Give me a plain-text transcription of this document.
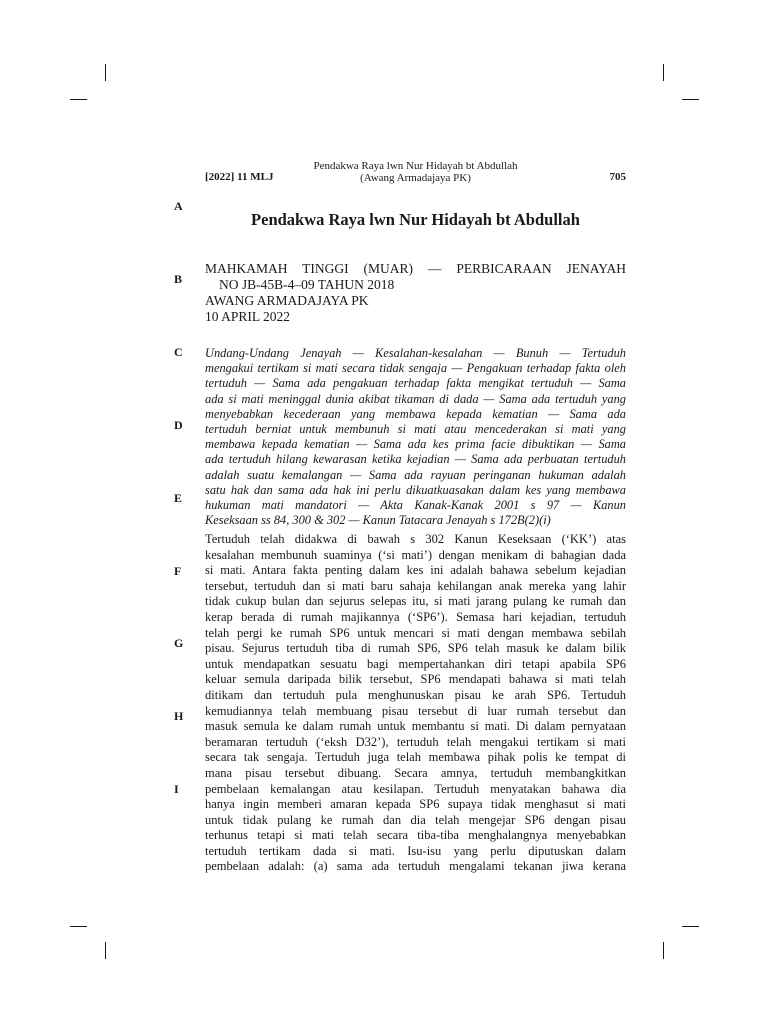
[2022] 11 MLJ
Pendakwa Raya lwn Nur Hidayah bt Abdullah
(Awang Armadajaya PK)	705
A
B
C
D
E
F
G
H
I
Pendakwa Raya lwn Nur Hidayah bt Abdullah
MAHKAMAH TINGGI (MUAR) — PERBICARAAN JENAYAH
NO JB-45B-4–09 TAHUN 2018
AWANG ARMADAJAYA PK
10 APRIL 2022
Undang-Undang Jenayah — Kesalahan-kesalahan — Bunuh — Tertuduh
mengakui tertikam si mati secara tidak sengaja — Pengakuan terhadap fakta oleh
tertuduh — Sama ada pengakuan terhadap fakta mengikat tertuduh — Sama
ada si mati meninggal dunia akibat tikaman di dada — Sama ada tertuduh yang
menyebabkan kecederaan yang membawa kepada kematian — Sama ada
tertuduh berniat untuk membunuh si mati atau mencederakan si mati yang
membawa kepada kematian — Sama ada kes prima facie dibuktikan — Sama
ada tertuduh hilang kewarasan ketika kejadian — Sama ada perbuatan tertuduh
adalah suatu kemalangan — Sama ada rayuan peringanan hukuman adalah
satu hak dan sama ada hak ini perlu dikuatkuasakan dalam kes yang membawa
hukuman mati mandatori — Akta Kanak-Kanak 2001 s 97 — Kanun
Keseksaan ss 84, 300 & 302 — Kanun Tatacara Jenayah s 172B(2)(i)
Tertuduh telah didakwa di bawah s 302 Kanun Keseksaan (‘KK’) atas
kesalahan membunuh suaminya (‘si mati’) dengan menikam di bahagian dada
si mati. Antara fakta penting dalam kes ini adalah bahawa sebelum kejadian
tersebut, tertuduh dan si mati baru sahaja kehilangan anak mereka yang lahir
tidak cukup bulan dan sejurus selepas itu, si mati jarang pulang ke rumah dan
kerap berada di rumah majikannya (‘SP6’). Semasa hari kejadian, tertuduh
telah pergi ke rumah SP6 untuk mencari si mati dengan membawa sebilah
pisau. Sejurus tertuduh tiba di rumah SP6, SP6 telah masuk ke dalam bilik
untuk mendapatkan sesuatu bagi mempertahankan diri tetapi apabila SP6
keluar semula daripada bilik tersebut, SP6 mendapati bahawa si mati telah
ditikam dan tertuduh pula menghunuskan pisau ke arah SP6. Tertuduh
kemudiannya telah membuang pisau tersebut di luar rumah tersebut dan
masuk semula ke dalam rumah untuk membantu si mati. Di dalam pernyataan
beramaran tertuduh (‘eksh D32’), tertuduh telah mengakui tertikam si mati
secara tak sengaja. Tertuduh juga telah membawa pihak polis ke tempat di
mana pisau tersebut dibuang. Secara amnya, tertuduh membangkitkan
pembelaan kemalangan atau kesilapan. Tertuduh menyatakan bahawa dia
hanya ingin memberi amaran kepada SP6 supaya tidak menghasut si mati
untuk tidak pulang ke rumah dan dia telah mengejar SP6 dengan pisau
terhunus tetapi si mati telah secara tiba-tiba menghalangnya menyebabkan
tertuduh tertikam dada si mati. Isu-isu yang perlu diputuskan dalam
pembelaan adalah: (a) sama ada tertuduh mengalami tekanan jiwa kerana
